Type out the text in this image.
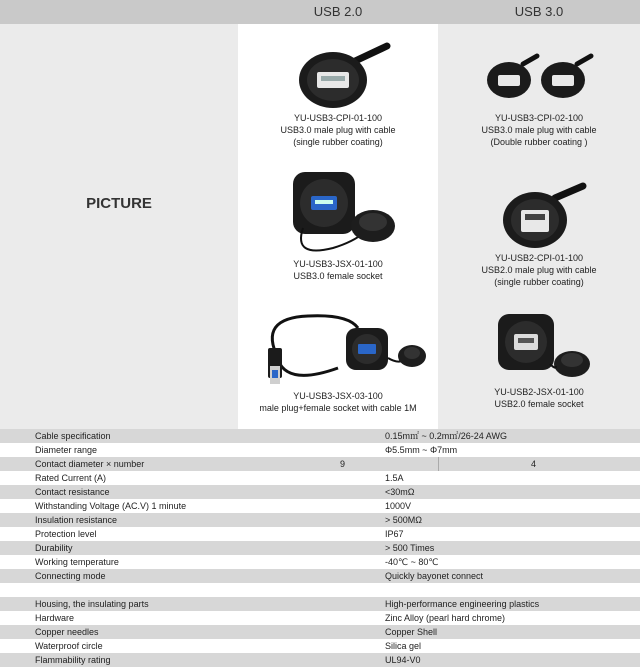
USB 2.0	USB 3.0
PICTURE
YU-USB3-CPI-01-100
USB3.0 male plug with cable
(single rubber coating)
YU-USB3-JSX-01-100
USB3.0 female socket
YU-USB3-JSX-03-100
male plug+female socket with cable 1M
YU-USB3-CPI-02-100
USB3.0 male plug with cable
(Double rubber coating )
YU-USB2-CPI-01-100
USB2.0 male plug with cable
(single rubber coating)
YU-USB2-JSX-01-100
USB2.0 female socket
Cable specification	0.15m㎡ ~ 0.2m㎡/26-24 AWG
Diameter range	Φ5.5mm ~ Φ7mm
Contact diameter × number	9	4
Rated Current (A)	1.5A
Contact resistance	<30mΩ
Withstanding Voltage (AC.V) 1 minute	1000V
Insulation resistance	> 500MΩ
Protection level	IP67
Durability	> 500 Times
Working temperature	-40℃ ~ 80℃
Connecting mode	Quickly bayonet connect
Housing, the insulating parts	High-performance engineering plastics
Hardware	Zinc Alloy (pearl hard chrome)
Copper needles	Copper Shell
Waterproof circle	Silica gel
Flammability rating	UL94-V0
